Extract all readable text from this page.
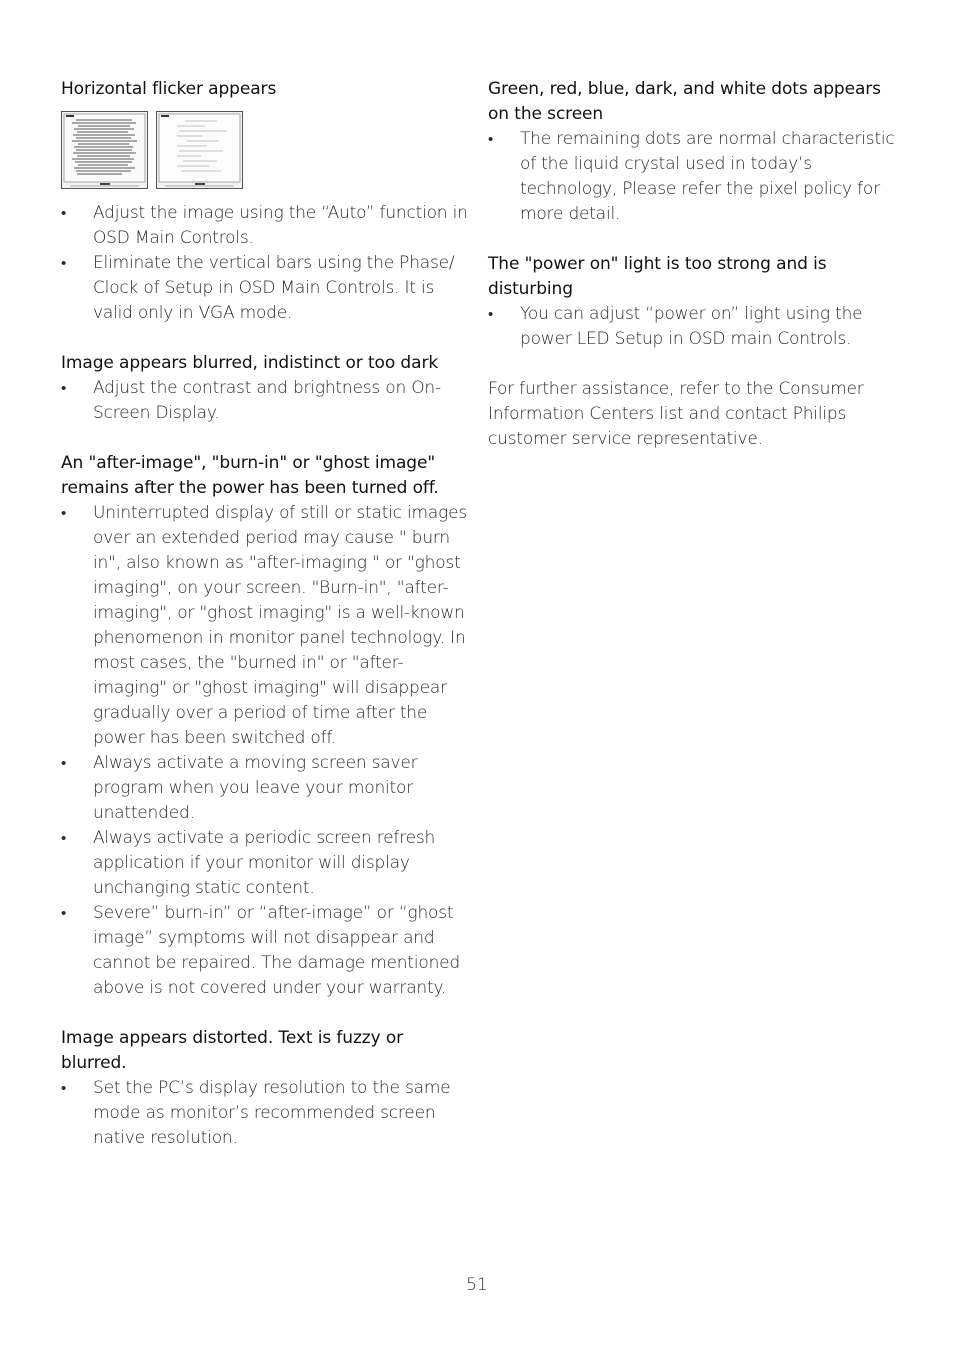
Horizontal flicker appears
•	Adjust the image using the “Auto” function in OSD Main Controls.
•	Eliminate the vertical bars using the Phase/ Clock of Setup in OSD Main Controls. It is valid only in VGA mode.
Image appears blurred, indistinct or too dark
•	Adjust the contrast and brightness on On-Screen Display.
An "after-image", "burn-in" or "ghost image" remains after the power has been turned off.
•	Uninterrupted display of still or static images over an extended period may cause " burn in", also known as "after-imaging " or "ghost imaging", on your screen. "Burn-in", "after-imaging", or "ghost imaging" is a well-known phenomenon in monitor panel technology. In most cases, the "burned in" or "after-imaging" or "ghost imaging" will disappear gradually over a period of time after the power has been switched off.
•	Always activate a moving screen saver program when you leave your monitor unattended.
•	Always activate a periodic screen refresh application if your monitor will display unchanging static content.
•	Severe” burn-in” or “after-image” or “ghost image” symptoms will not disappear and cannot be repaired. The damage mentioned above is not covered under your warranty.
Image appears distorted. Text is fuzzy or blurred.
•	Set the PC’s display resolution to the same mode as monitor’s recommended screen native resolution.
Green, red, blue, dark, and white dots appears on the screen
•	The remaining dots are normal characteristic of the liquid crystal used in today’s technology, Please refer the pixel policy for more detail.
The "power on" light is too strong and is disturbing
•	You can adjust “power on” light using the power LED Setup in OSD main Controls.

For further assistance, refer to the Consumer Information Centers list and contact Philips customer service representative.

51
